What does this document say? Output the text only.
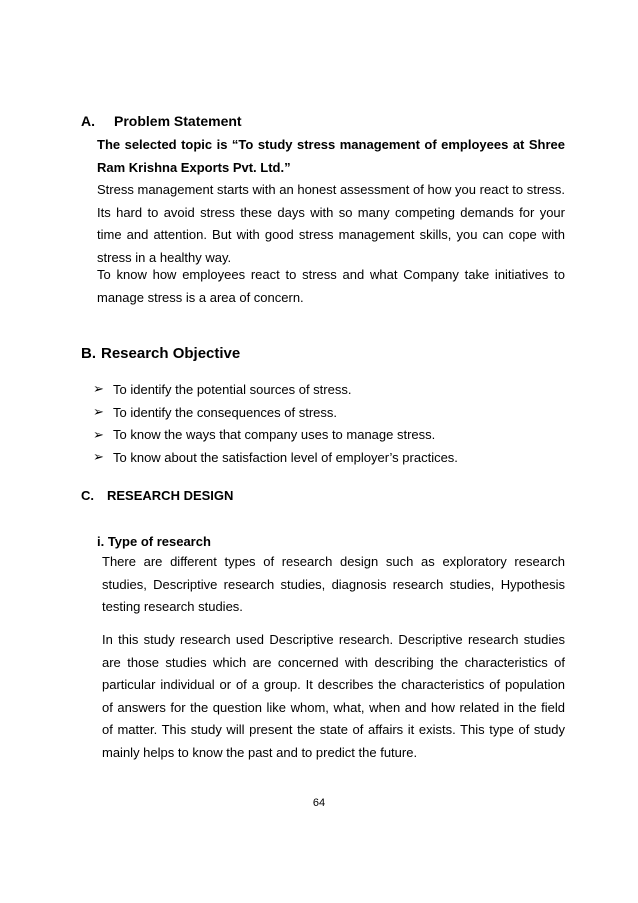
A. Problem Statement
The selected topic is “To study stress management of employees at Shree Ram Krishna Exports Pvt. Ltd.”
Stress management starts with an honest assessment of how you react to stress. Its hard to avoid stress these days with so many competing demands for your time and attention. But with good stress management skills, you can cope with stress in a healthy way.
To know how employees react to stress and what Company take initiatives to manage stress is a area of concern.
B. Research Objective
➢ To identify the potential sources of stress.
➢ To identify the consequences of stress.
➢ To know the ways that company uses to manage stress.
➢ To know about the satisfaction level of employer’s practices.
C. RESEARCH DESIGN
i. Type of research
There are different types of research design such as exploratory research studies, Descriptive research studies, diagnosis research studies, Hypothesis testing research studies.
In this study research used Descriptive research. Descriptive research studies are those studies which are concerned with describing the characteristics of particular individual or of a group. It describes the characteristics of population of answers for the question like whom, what, when and how related in the field of matter. This study will present the state of affairs it exists. This type of study mainly helps to know the past and to predict the future.
64
